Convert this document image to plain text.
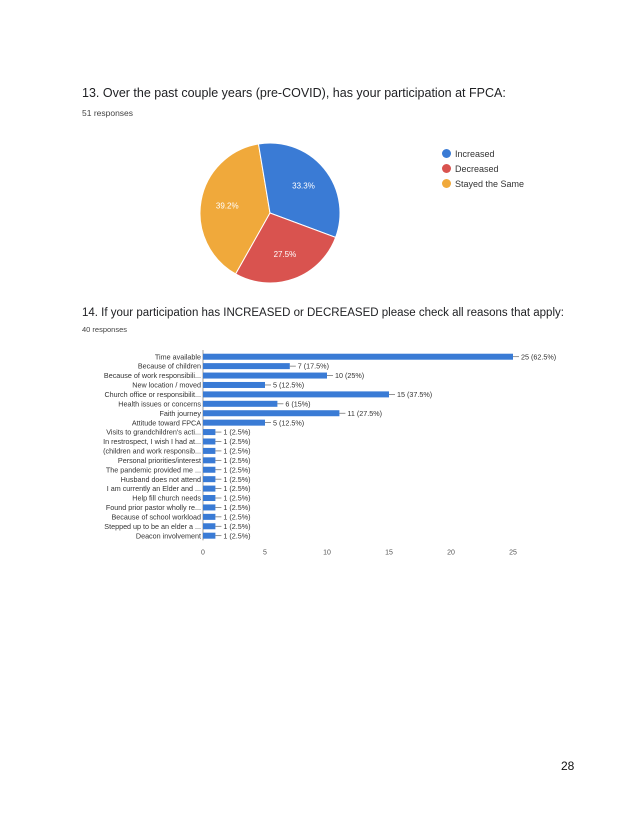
13. Over the past couple years (pre-COVID), has your participation at FPCA:
51 responses
39.2%
33.3%
27.5%
Increased
Decreased
Stayed the Same
14. If your participation has INCREASED or DECREASED please check all reasons that apply:
40 responses
Time available	25 (62.5%)
Because of children	7 (17.5%)
Because of work responsibili...	10 (25%)
New location / moved	5 (12.5%)
Church office or responsibilit...	15 (37.5%)
Health issues or concerns	6 (15%)
Faith journey	11 (27.5%)
Attitude toward FPCA	5 (12.5%)
Visits to grandchildren's acti...	1 (2.5%)
In restrospect, I wish I had at...	1 (2.5%)
(children and work responsib...	1 (2.5%)
Personal priorities/interest	1 (2.5%)
The pandemic provided me ...	1 (2.5%)
Husband does not attend	1 (2.5%)
I am currently an Elder and ...	1 (2.5%)
Help fill church needs	1 (2.5%)
Found prior pastor wholly re...	1 (2.5%)
Because of school workload	1 (2.5%)
Stepped up to be an elder a ...	1 (2.5%)
Deacon involvement	1 (2.5%)
0	5	10	15	20	25
28
